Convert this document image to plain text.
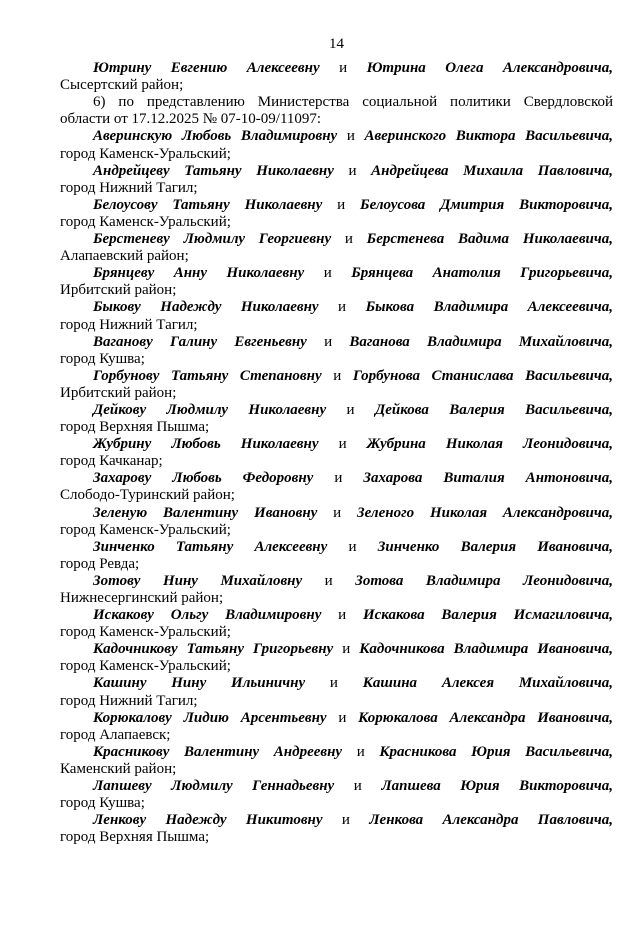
14
Ютрину Евгению Алексеевну и Ютрина Олега Александровича,
Сысертский район;
6) по представлению Министерства социальной политики Свердловской
области от 17.12.2025 № 07-10-09/11097:
Аверинскую Любовь Владимировну и Аверинского Виктора Васильевича,
город Каменск-Уральский;
Андрейцеву Татьяну Николаевну и Андрейцева Михаила Павловича,
город Нижний Тагил;
Белоусову Татьяну Николаевну и Белоусова Дмитрия Викторовича,
город Каменск-Уральский;
Берстеневу Людмилу Георгиевну и Берстенева Вадима Николаевича,
Алапаевский район;
Брянцеву Анну Николаевну и Брянцева Анатолия Григорьевича,
Ирбитский район;
Быкову Надежду Николаевну и Быкова Владимира Алексеевича,
город Нижний Тагил;
Ваганову Галину Евгеньевну и Ваганова Владимира Михайловича,
город Кушва;
Горбунову Татьяну Степановну и Горбунова Станислава Васильевича,
Ирбитский район;
Дейкову Людмилу Николаевну и Дейкова Валерия Васильевича,
город Верхняя Пышма;
Жубрину Любовь Николаевну и Жубрина Николая Леонидовича,
город Качканар;
Захарову Любовь Федоровну и Захарова Виталия Антоновича,
Слободо-Туринский район;
Зеленую Валентину Ивановну и Зеленого Николая Александровича,
город Каменск-Уральский;
Зинченко Татьяну Алексеевну и Зинченко Валерия Ивановича,
город Ревда;
Зотову Нину Михайловну и Зотова Владимира Леонидовича,
Нижнесергинский район;
Искакову Ольгу Владимировну и Искакова Валерия Исмагиловича,
город Каменск-Уральский;
Кадочникову Татьяну Григорьевну и Кадочникова Владимира Ивановича,
город Каменск-Уральский;
Кашину Нину Ильиничну и Кашина Алексея Михайловича,
город Нижний Тагил;
Корюкалову Лидию Арсентьевну и Корюкалова Александра Ивановича,
город Алапаевск;
Красникову Валентину Андреевну и Красникова Юрия Васильевича,
Каменский район;
Лапшеву Людмилу Геннадьевну и Лапшева Юрия Викторовича,
город Кушва;
Ленкову Надежду Никитовну и Ленкова Александра Павловича,
город Верхняя Пышма;
